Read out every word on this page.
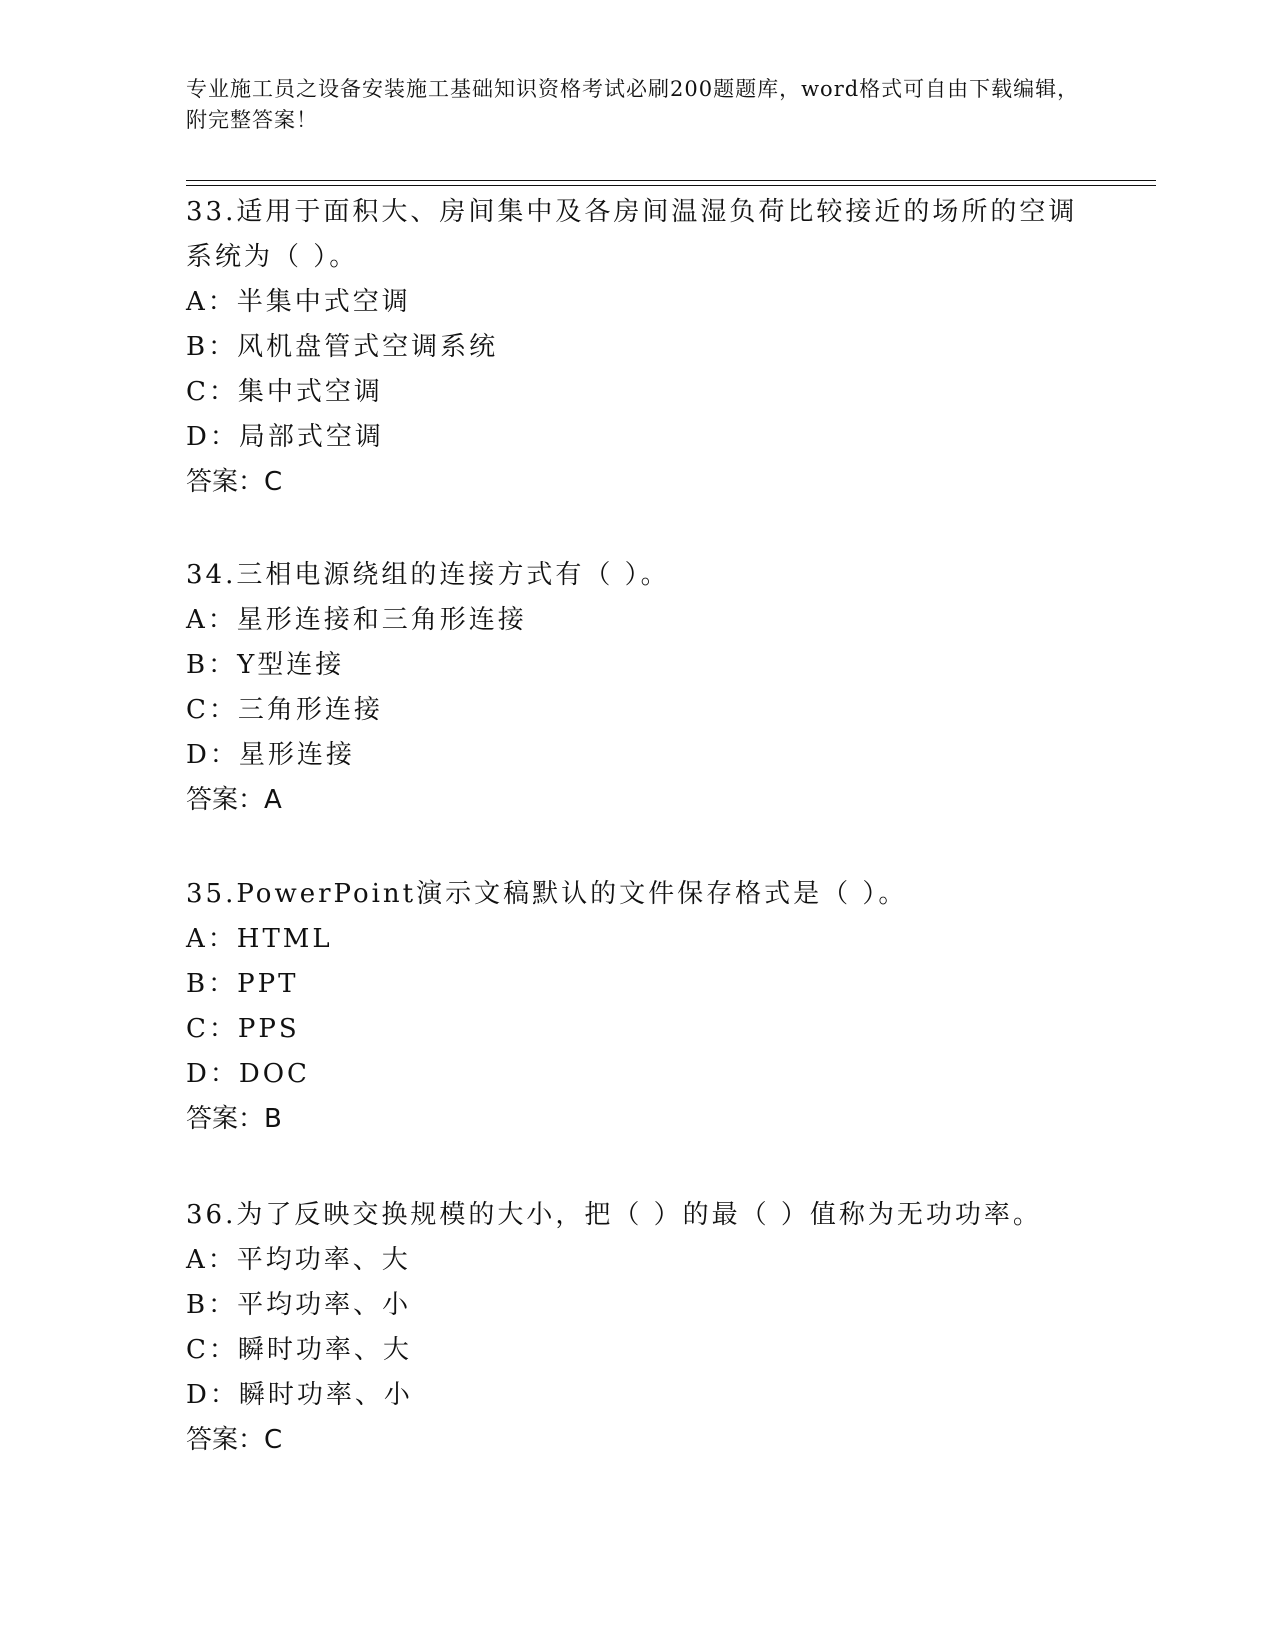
专业施工员之设备安装施工基础知识资格考试必刷200题题库，word格式可自由下载编辑，附完整答案！
33.适用于面积大、房间集中及各房间温湿负荷比较接近的场所的空调系统为（ ）。
A：半集中式空调
B：风机盘管式空调系统
C：集中式空调
D：局部式空调
答案：C
34.三相电源绕组的连接方式有（ ）。
A：星形连接和三角形连接
B：Y型连接
C：三角形连接
D：星形连接
答案：A
35.PowerPoint演示文稿默认的文件保存格式是（ ）。
A：HTML
B：PPT
C：PPS
D：DOC
答案：B
36.为了反映交换规模的大小，把（ ）的最（ ）值称为无功功率。
A：平均功率、大
B：平均功率、小
C：瞬时功率、大
D：瞬时功率、小
答案：C
